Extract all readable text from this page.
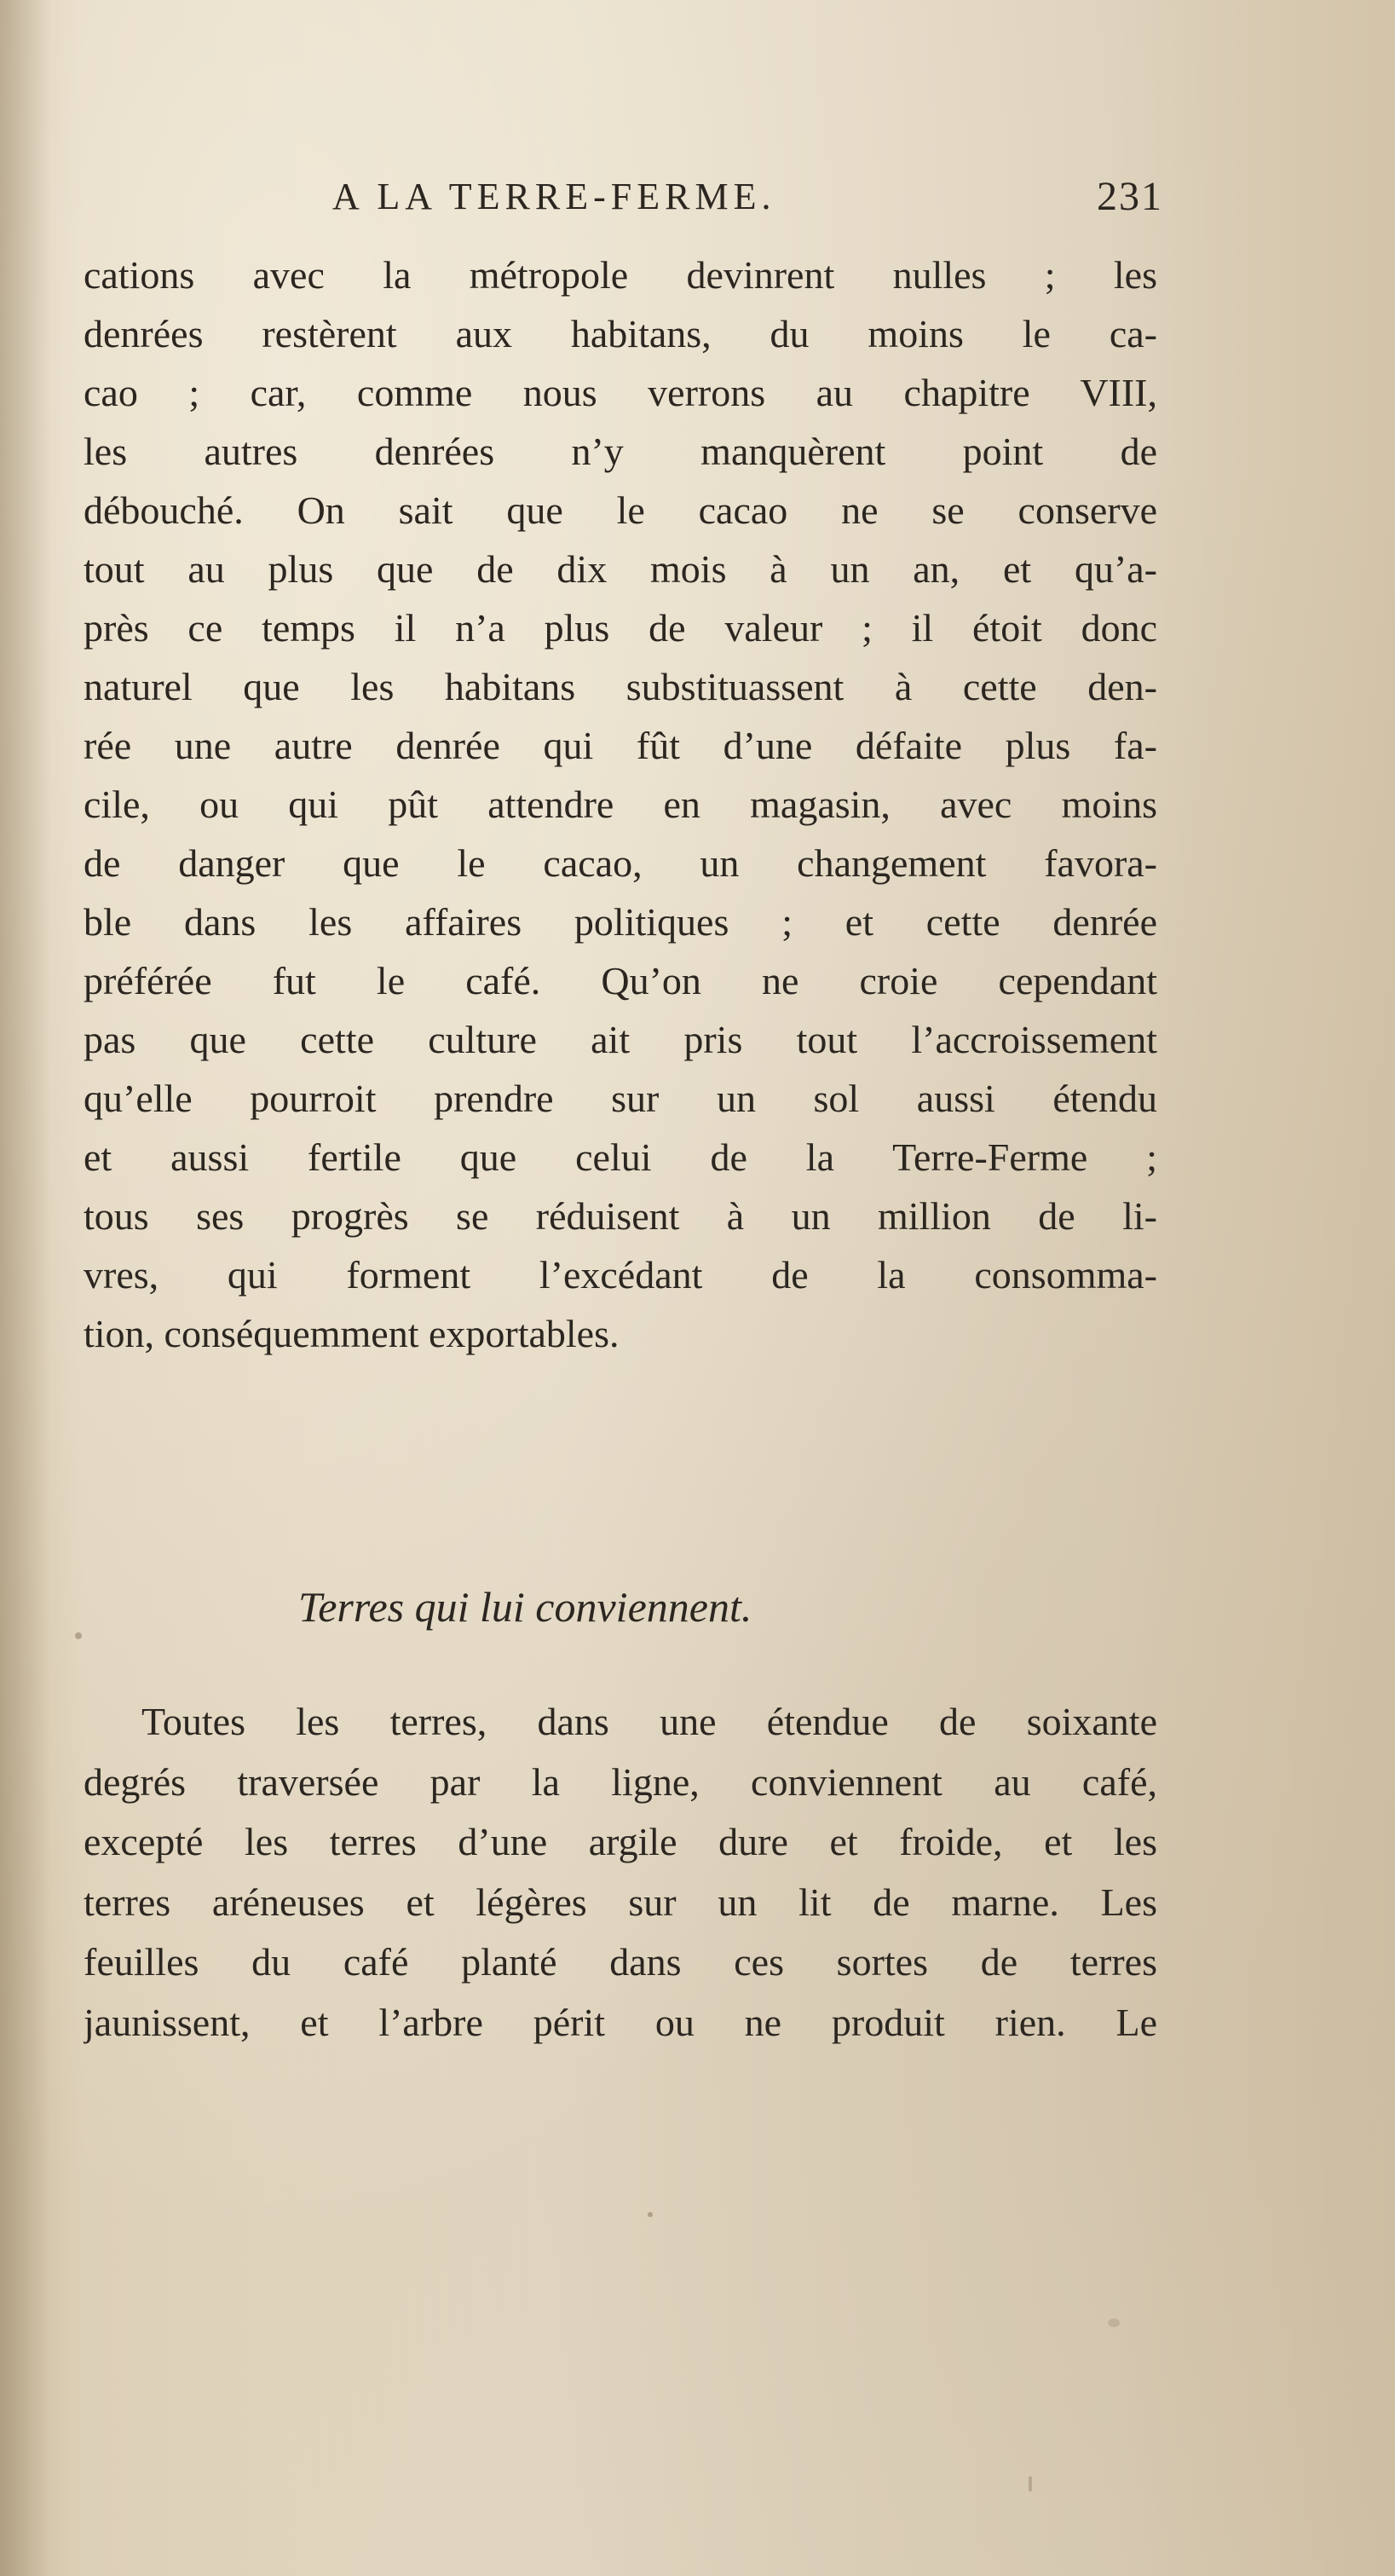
A LA TERRE-FERME.	231
cations avec la métropole devinrent nulles ; les
denrées restèrent aux habitans, du moins le ca-
cao ; car, comme nous verrons au chapitre VIII,
les autres denrées n’y manquèrent point de
débouché. On sait que le cacao ne se conserve
tout au plus que de dix mois à un an, et qu’a-
près ce temps il n’a plus de valeur ; il étoit donc
naturel que les habitans substituassent à cette den-
rée une autre denrée qui fût d’une défaite plus fa-
cile, ou qui pût attendre en magasin, avec moins
de danger que le cacao, un changement favora-
ble dans les affaires politiques ; et cette denrée
préférée fut le café. Qu’on ne croie cependant
pas que cette culture ait pris tout l’accroissement
qu’elle pourroit prendre sur un sol aussi étendu
et aussi fertile que celui de la Terre-Ferme ;
tous ses progrès se réduisent à un million de li-
vres, qui forment l’excédant de la consomma-
tion, conséquemment exportables.
Terres qui lui conviennent.
Toutes les terres, dans une étendue de soixante
degrés traversée par la ligne, conviennent au café,
excepté les terres d’une argile dure et froide, et les
terres aréneuses et légères sur un lit de marne. Les
feuilles du café planté dans ces sortes de terres
jaunissent, et l’arbre périt ou ne produit rien. Le
